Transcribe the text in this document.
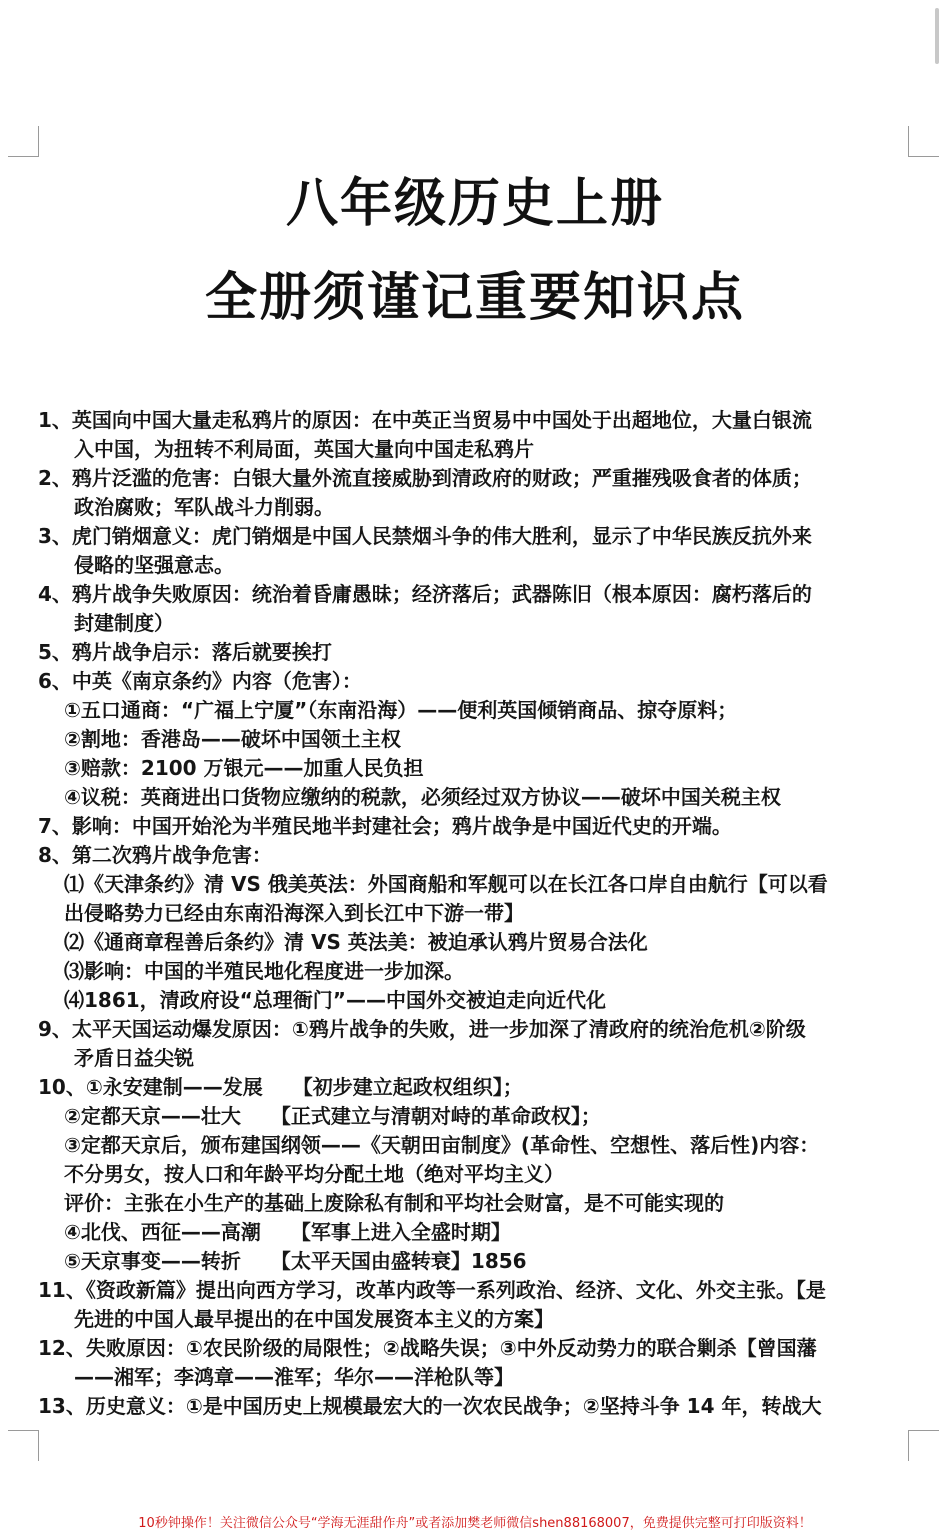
八年级历史上册
全册须谨记重要知识点
1、英国向中国大量走私鸦片的原因：在中英正当贸易中中国处于出超地位，大量白银流
入中国，为扭转不利局面，英国大量向中国走私鸦片
2、鸦片泛滥的危害：白银大量外流直接威胁到清政府的财政；严重摧残吸食者的体质；
政治腐败；军队战斗力削弱。
3、虎门销烟意义：虎门销烟是中国人民禁烟斗争的伟大胜利，显示了中华民族反抗外来
侵略的坚强意志。
4、鸦片战争失败原因：统治着昏庸愚昧；经济落后；武器陈旧（根本原因：腐朽落后的
封建制度）
5、鸦片战争启示：落后就要挨打
6、中英《南京条约》内容（危害）：
①五口通商：“广福上宁厦”（东南沿海）——便利英国倾销商品、掠夺原料；
②割地：香港岛——破坏中国领土主权
③赔款：2100 万银元——加重人民负担
④议税：英商进出口货物应缴纳的税款，必须经过双方协议——破坏中国关税主权
7、影响：中国开始沦为半殖民地半封建社会；鸦片战争是中国近代史的开端。
8、第二次鸦片战争危害：
⑴《天津条约》清 VS 俄美英法：外国商船和军舰可以在长江各口岸自由航行【可以看
出侵略势力已经由东南沿海深入到长江中下游一带】
⑵《通商章程善后条约》清 VS 英法美：被迫承认鸦片贸易合法化
⑶影响：中国的半殖民地化程度进一步加深。
⑷1861，清政府设“总理衙门”——中国外交被迫走向近代化
9、太平天国运动爆发原因：①鸦片战争的失败，进一步加深了清政府的统治危机②阶级
矛盾日益尖锐
10、①永安建制——发展　　【初步建立起政权组织】；
②定都天京——壮大　　【正式建立与清朝对峙的革命政权】；
③定都天京后，颁布建国纲领——《天朝田亩制度》(革命性、空想性、落后性)内容：
不分男女，按人口和年龄平均分配土地（绝对平均主义）
评价：主张在小生产的基础上废除私有制和平均社会财富，是不可能实现的
④北伐、西征——高潮　　【军事上进入全盛时期】
⑤天京事变——转折　　【太平天国由盛转衰】1856
11、《资政新篇》提出向西方学习，改革内政等一系列政治、经济、文化、外交主张。【是
先进的中国人最早提出的在中国发展资本主义的方案】
12、失败原因：①农民阶级的局限性；②战略失误；③中外反动势力的联合剿杀【曾国藩
——湘军；李鸿章——淮军；华尔——洋枪队等】
13、历史意义：①是中国历史上规模最宏大的一次农民战争；②坚持斗争 14 年，转战大
10秒钟操作！关注微信公众号“学海无涯甜作舟”或者添加樊老师微信shen88168007，免费提供完整可打印版资料！
